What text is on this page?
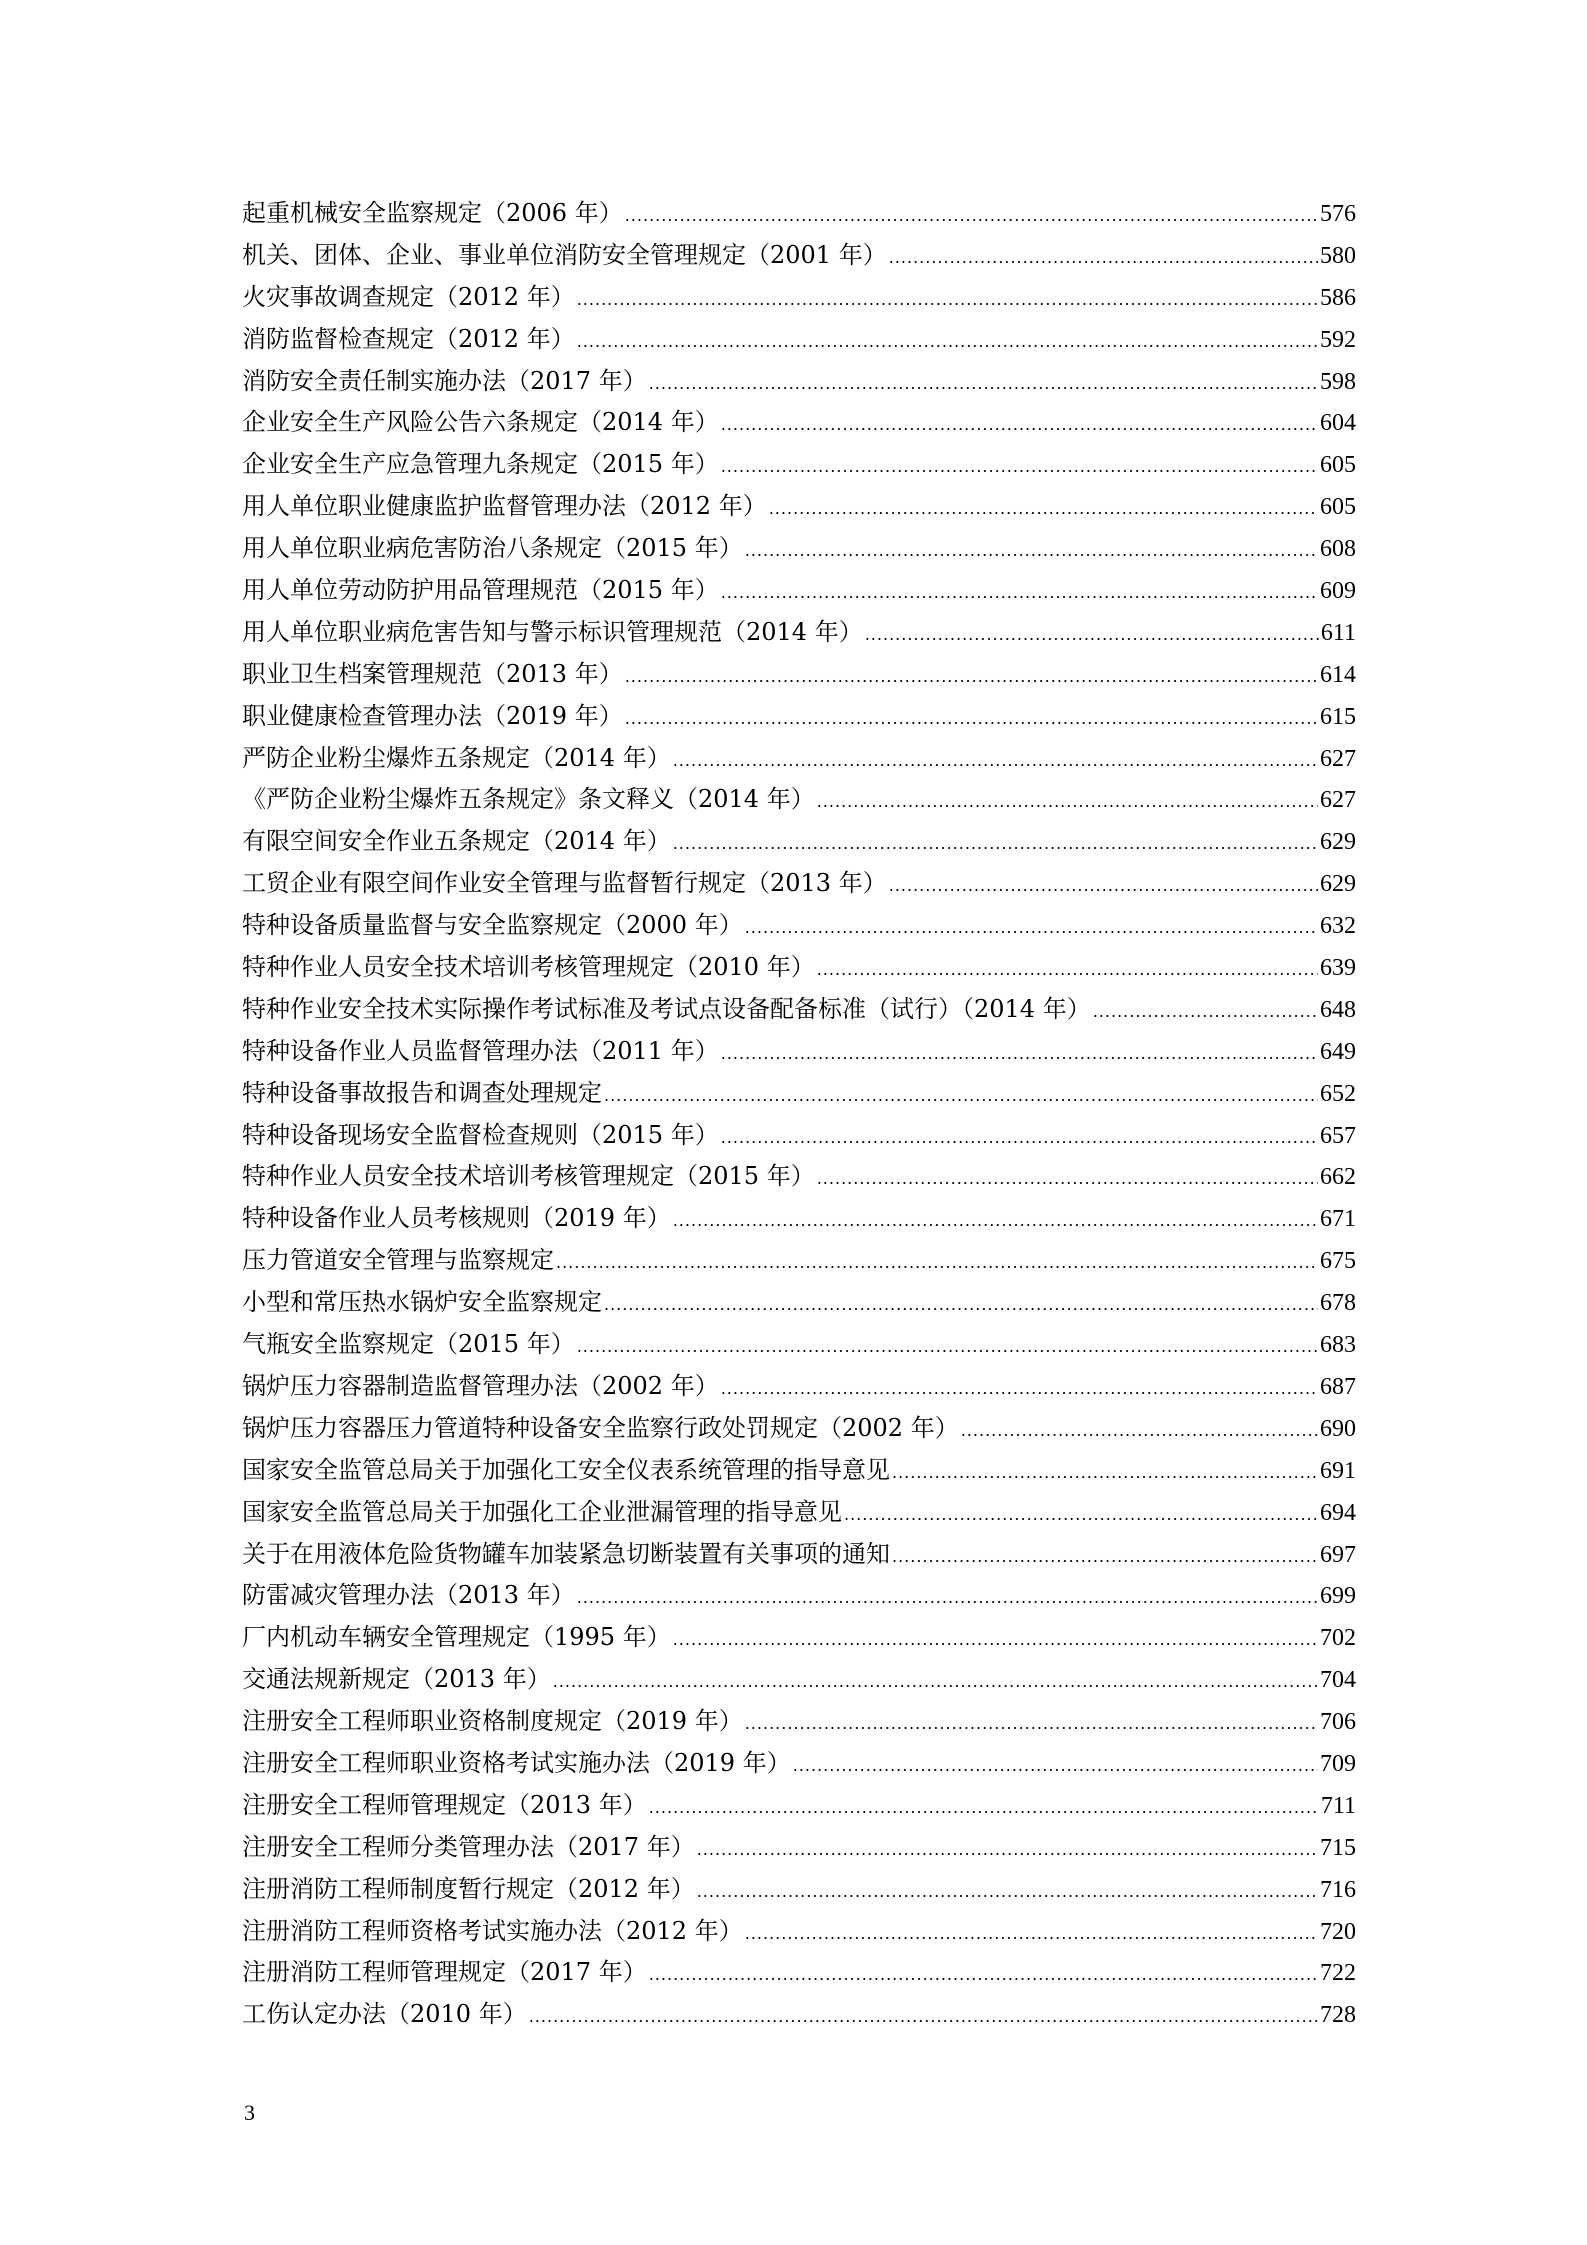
起重机械安全监察规定（2006 年） .....	576
机关、团体、企业、事业单位消防安全管理规定（2001 年） .....	580
火灾事故调查规定（2012 年） .....	586
消防监督检查规定（2012 年） .....	592
消防安全责任制实施办法（2017 年） .....	598
企业安全生产风险公告六条规定（2014 年） .....	604
企业安全生产应急管理九条规定（2015 年） .....	605
用人单位职业健康监护监督管理办法（2012 年） .....	605
用人单位职业病危害防治八条规定（2015 年） .....	608
用人单位劳动防护用品管理规范（2015 年） .....	609
用人单位职业病危害告知与警示标识管理规范（2014 年） .....	611
职业卫生档案管理规范（2013 年） .....	614
职业健康检查管理办法（2019 年） .....	615
严防企业粉尘爆炸五条规定（2014 年） .....	627
《严防企业粉尘爆炸五条规定》条文释义（2014 年） .....	627
有限空间安全作业五条规定（2014 年） .....	629
工贸企业有限空间作业安全管理与监督暂行规定（2013 年） .....	629
特种设备质量监督与安全监察规定（2000 年） .....	632
特种作业人员安全技术培训考核管理规定（2010 年） .....	639
特种作业安全技术实际操作考试标准及考试点设备配备标准（试行）（2014 年） .....	648
特种设备作业人员监督管理办法（2011 年） .....	649
特种设备事故报告和调查处理规定 .....	652
特种设备现场安全监督检查规则（2015 年） .....	657
特种作业人员安全技术培训考核管理规定（2015 年） .....	662
特种设备作业人员考核规则（2019 年） .....	671
压力管道安全管理与监察规定 .....	675
小型和常压热水锅炉安全监察规定 .....	678
气瓶安全监察规定（2015 年） .....	683
锅炉压力容器制造监督管理办法（2002 年） .....	687
锅炉压力容器压力管道特种设备安全监察行政处罚规定（2002 年） .....	690
国家安全监管总局关于加强化工安全仪表系统管理的指导意见 .....	691
国家安全监管总局关于加强化工企业泄漏管理的指导意见 .....	694
关于在用液体危险货物罐车加装紧急切断装置有关事项的通知 .....	697
防雷减灾管理办法（2013 年） .....	699
厂内机动车辆安全管理规定（1995 年） .....	702
交通法规新规定（2013 年） .....	704
注册安全工程师职业资格制度规定（2019 年） .....	706
注册安全工程师职业资格考试实施办法（2019 年） .....	709
注册安全工程师管理规定（2013 年） .....	711
注册安全工程师分类管理办法（2017 年） .....	715
注册消防工程师制度暂行规定（2012 年） .....	716
注册消防工程师资格考试实施办法（2012 年） .....	720
注册消防工程师管理规定（2017 年） .....	722
工伤认定办法（2010 年） .....	728
3
